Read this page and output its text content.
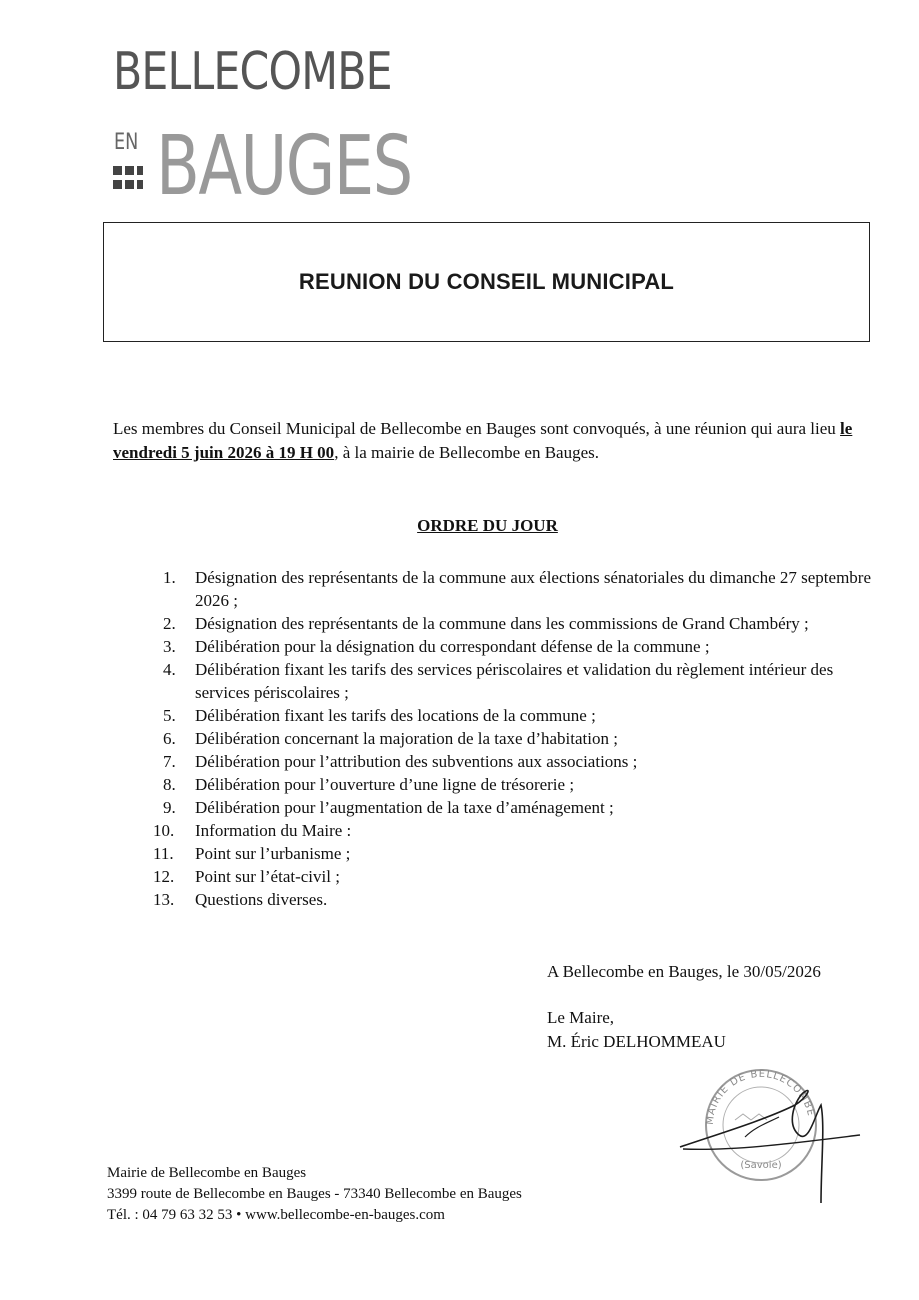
BELLECOMBE
EN BAUGES
REUNION DU CONSEIL MUNICIPAL

Les membres du Conseil Municipal de Bellecombe en Bauges sont convoqués, à une réunion qui aura lieu le vendredi 5 juin 2026 à 19 H 00, à la mairie de Bellecombe en Bauges.

ORDRE DU JOUR
1.	Désignation des représentants de la commune aux élections sénatoriales du dimanche 27 septembre 2026 ;
2.	Désignation des représentants de la commune dans les commissions de Grand Chambéry ;
3.	Délibération pour la désignation du correspondant défense de la commune ;
4.	Délibération fixant les tarifs des services périscolaires et validation du règlement intérieur des services périscolaires ;
5.	Délibération fixant les tarifs des locations de la commune ;
6.	Délibération concernant la majoration de la taxe d’habitation ;
7.	Délibération pour l’attribution des subventions aux associations ;
8.	Délibération pour l’ouverture d’une ligne de trésorerie ;
9.	Délibération pour l’augmentation de la taxe d’aménagement ;
10.	Information du Maire :
11.	Point sur l’urbanisme ;
12.	Point sur l’état-civil ;
13.	Questions diverses.

A Bellecombe en Bauges, le 30/05/2026

Le Maire,

M. Éric DELHOMMEAU

MAIRIE DE BELLECOMBE
(Savoie)

Mairie de Bellecombe en Bauges

3399 route de Bellecombe en Bauges - 73340 Bellecombe en Bauges

Tél. : 04 79 63 32 53 • www.bellecombe-en-bauges.com
